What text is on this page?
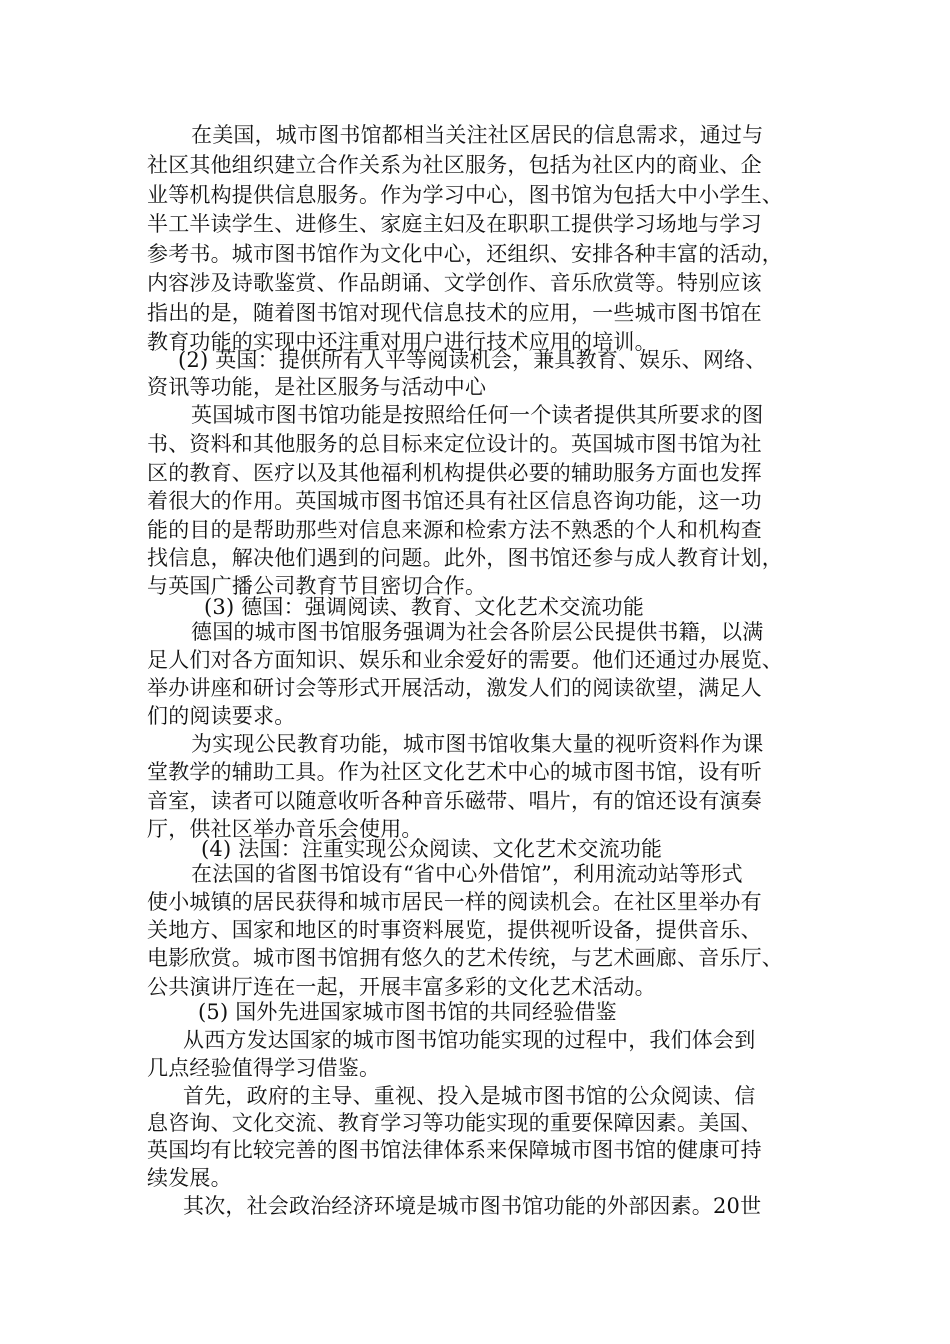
在美国，城市图书馆都相当关注社区居民的信息需求，通过与

社区其他组织建立合作关系为社区服务，包括为社区内的商业、企

业等机构提供信息服务。作为学习中心，图书馆为包括大中小学生、

半工半读学生、进修生、家庭主妇及在职职工提供学习场地与学习

参考书。城市图书馆作为文化中心，还组织、安排各种丰富的活动，

内容涉及诗歌鉴赏、作品朗诵、文学创作、音乐欣赏等。特别应该

指出的是，随着图书馆对现代信息技术的应用，一些城市图书馆在

教育功能的实现中还注重对用户进行技术应用的培训。

(2) 英国：提供所有人平等阅读机会，兼具教育、娱乐、网络、

资讯等功能，是社区服务与活动中心

英国城市图书馆功能是按照给任何一个读者提供其所要求的图

书、资料和其他服务的总目标来定位设计的。英国城市图书馆为社

区的教育、医疗以及其他福利机构提供必要的辅助服务方面也发挥

着很大的作用。英国城市图书馆还具有社区信息咨询功能，这一功

能的目的是帮助那些对信息来源和检索方法不熟悉的个人和机构查

找信息，解决他们遇到的问题。此外，图书馆还参与成人教育计划，

与英国广播公司教育节目密切合作。

(3) 德国：强调阅读、教育、文化艺术交流功能

德国的城市图书馆服务强调为社会各阶层公民提供书籍，以满

足人们对各方面知识、娱乐和业余爱好的需要。他们还通过办展览、

举办讲座和研讨会等形式开展活动，激发人们的阅读欲望，满足人

们的阅读要求。

为实现公民教育功能，城市图书馆收集大量的视听资料作为课

堂教学的辅助工具。作为社区文化艺术中心的城市图书馆，设有听

音室，读者可以随意收听各种音乐磁带、唱片，有的馆还设有演奏

厅，供社区举办音乐会使用。

(4) 法国：注重实现公众阅读、文化艺术交流功能

在法国的省图书馆设有“省中心外借馆”，利用流动站等形式

使小城镇的居民获得和城市居民一样的阅读机会。在社区里举办有

关地方、国家和地区的时事资料展览，提供视听设备，提供音乐、

电影欣赏。城市图书馆拥有悠久的艺术传统，与艺术画廊、音乐厅、

公共演讲厅连在一起，开展丰富多彩的文化艺术活动。

(5) 国外先进国家城市图书馆的共同经验借鉴

从西方发达国家的城市图书馆功能实现的过程中，我们体会到

几点经验值得学习借鉴。

首先，政府的主导、重视、投入是城市图书馆的公众阅读、信

息咨询、文化交流、教育学习等功能实现的重要保障因素。美国、

英国均有比较完善的图书馆法律体系来保障城市图书馆的健康可持

续发展。

其次，社会政治经济环境是城市图书馆功能的外部因素。20世
